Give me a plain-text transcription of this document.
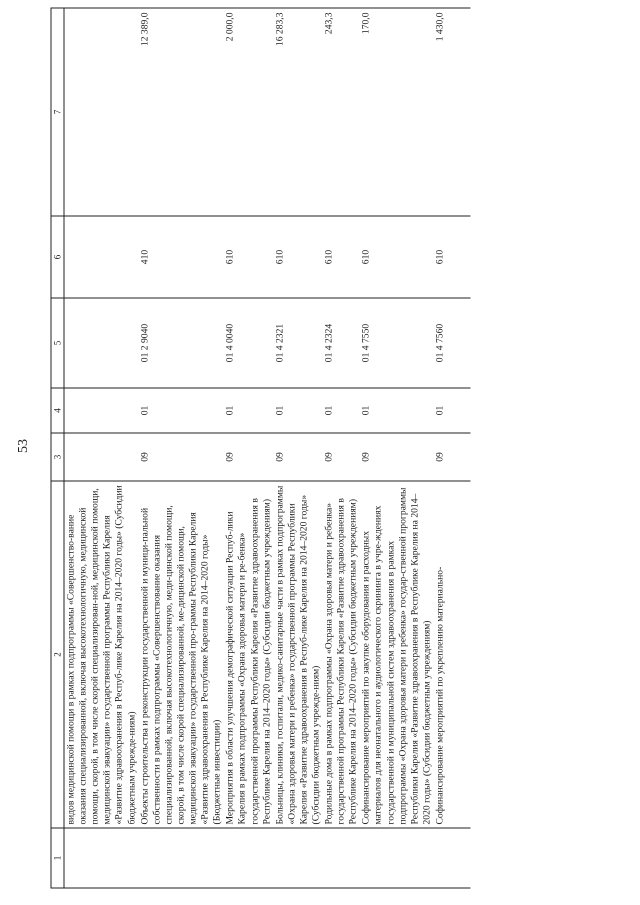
53
1	2	3	4	5	6	7
	видов медицинской помощи в рамках подпрограммы «Совершенство-вание оказания специализированной, включая высокотехнологичную, медицинской помощи, скорой, в том числе скорой специализирован-ной, медицинской помощи, медицинской эвакуации» государственной программы Республики Карелия «Развитие здравоохранения в Респуб-лике Карелия на 2014–2020 годы» (Субсидии бюджетным учрежде-ниям)					
	Объекты строительства и реконструкции государственной и муници-пальной собственности в рамках подпрограммы «Совершенствование оказания специализированной, включая высокотехнологичную, меди-цинской помощи, скорой, в том числе скорой специализированной, ме-дицинской помощи, медицинской эвакуации» государственной про-граммы Республики Карелия «Развитие здравоохранения в Республике Карелия на 2014–2020 годы» (Бюджетные инвестиции)	09	01	01 2 9040	410	12 389,0
	Мероприятия в области улучшения демографической ситуации Респуб-лики Карелия в рамках подпрограммы «Охрана здоровья матери и ре-бенка» государственной программы Республики Карелия «Развитие здравоохранения в Республике Карелия на 2014–2020 годы» (Субсидии бюджетным учреждениям)	09	01	01 4 0040	610	2 000,0
	Больницы, клиники, госпитали, медико-санитарные части в рамках подпрограммы «Охрана здоровья матери и ребенка» государственной программы Республики Карелия «Развитие здравоохранения в Респуб-лике Карелия на 2014–2020 годы» (Субсидии бюджетным учрежде-ниям)	09	01	01 4 2321	610	16 283,3
	Родильные дома в рамках подпрограммы «Охрана здоровья матери и ребенка» государственной программы Республики Карелия «Развитие здравоохранения в Республике Карелия на 2014–2020 годы» (Субсидии бюджетным учреждениям)	09	01	01 4 2324	610	243,3
	Софинансирование мероприятий по закупке оборудования и расходных материалов для неонатального и аудиологического скрининга в учре-ждениях государственной и муниципальной систем здравоохранения в рамках подпрограммы «Охрана здоровья матери и ребенка» государ-ственной программы Республики Карелия «Развитие здравоохранения в Республике Карелия на 2014–2020 годы» (Субсидии бюджетным учреждениям)	09	01	01 4 7550	610	170,0
	Софинансирование мероприятий по укреплению материально-	09	01	01 4 7560	610	1 430,0
